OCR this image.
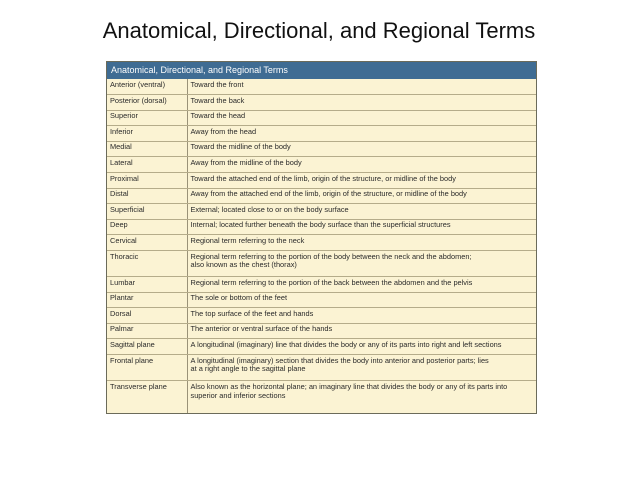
Anatomical, Directional, and Regional Terms
Anatomical, Directional, and Regional Terms
Anterior (ventral)	Toward the front

Posterior (dorsal)	Toward the back

Superior	Toward the head

Inferior	Away from the head

Medial	Toward the midline of the body

Lateral	Away from the midline of the body

Proximal	Toward the attached end of the limb, origin of the structure, or midline of the body

Distal	Away from the attached end of the limb, origin of the structure, or midline of the body

Superficial	External; located close to or on the body surface

Deep	Internal; located further beneath the body surface than the superficial structures

Cervical	Regional term referring to the neck

Thoracic	Regional term referring to the portion of the body between the neck and the abdomen;
also known as the chest (thorax)

Lumbar	Regional term referring to the portion of the back between the abdomen and the pelvis

Plantar	The sole or bottom of the feet

Dorsal	The top surface of the feet and hands

Palmar	The anterior or ventral surface of the hands

Sagittal plane	A longitudinal (imaginary) line that divides the body or any of its parts into right and left sections

Frontal plane	A longitudinal (imaginary) section that divides the body into anterior and posterior parts; lies
at a right angle to the sagittal plane

Transverse plane	Also known as the horizontal plane; an imaginary line that divides the body or any of its parts into
superior and inferior sections
